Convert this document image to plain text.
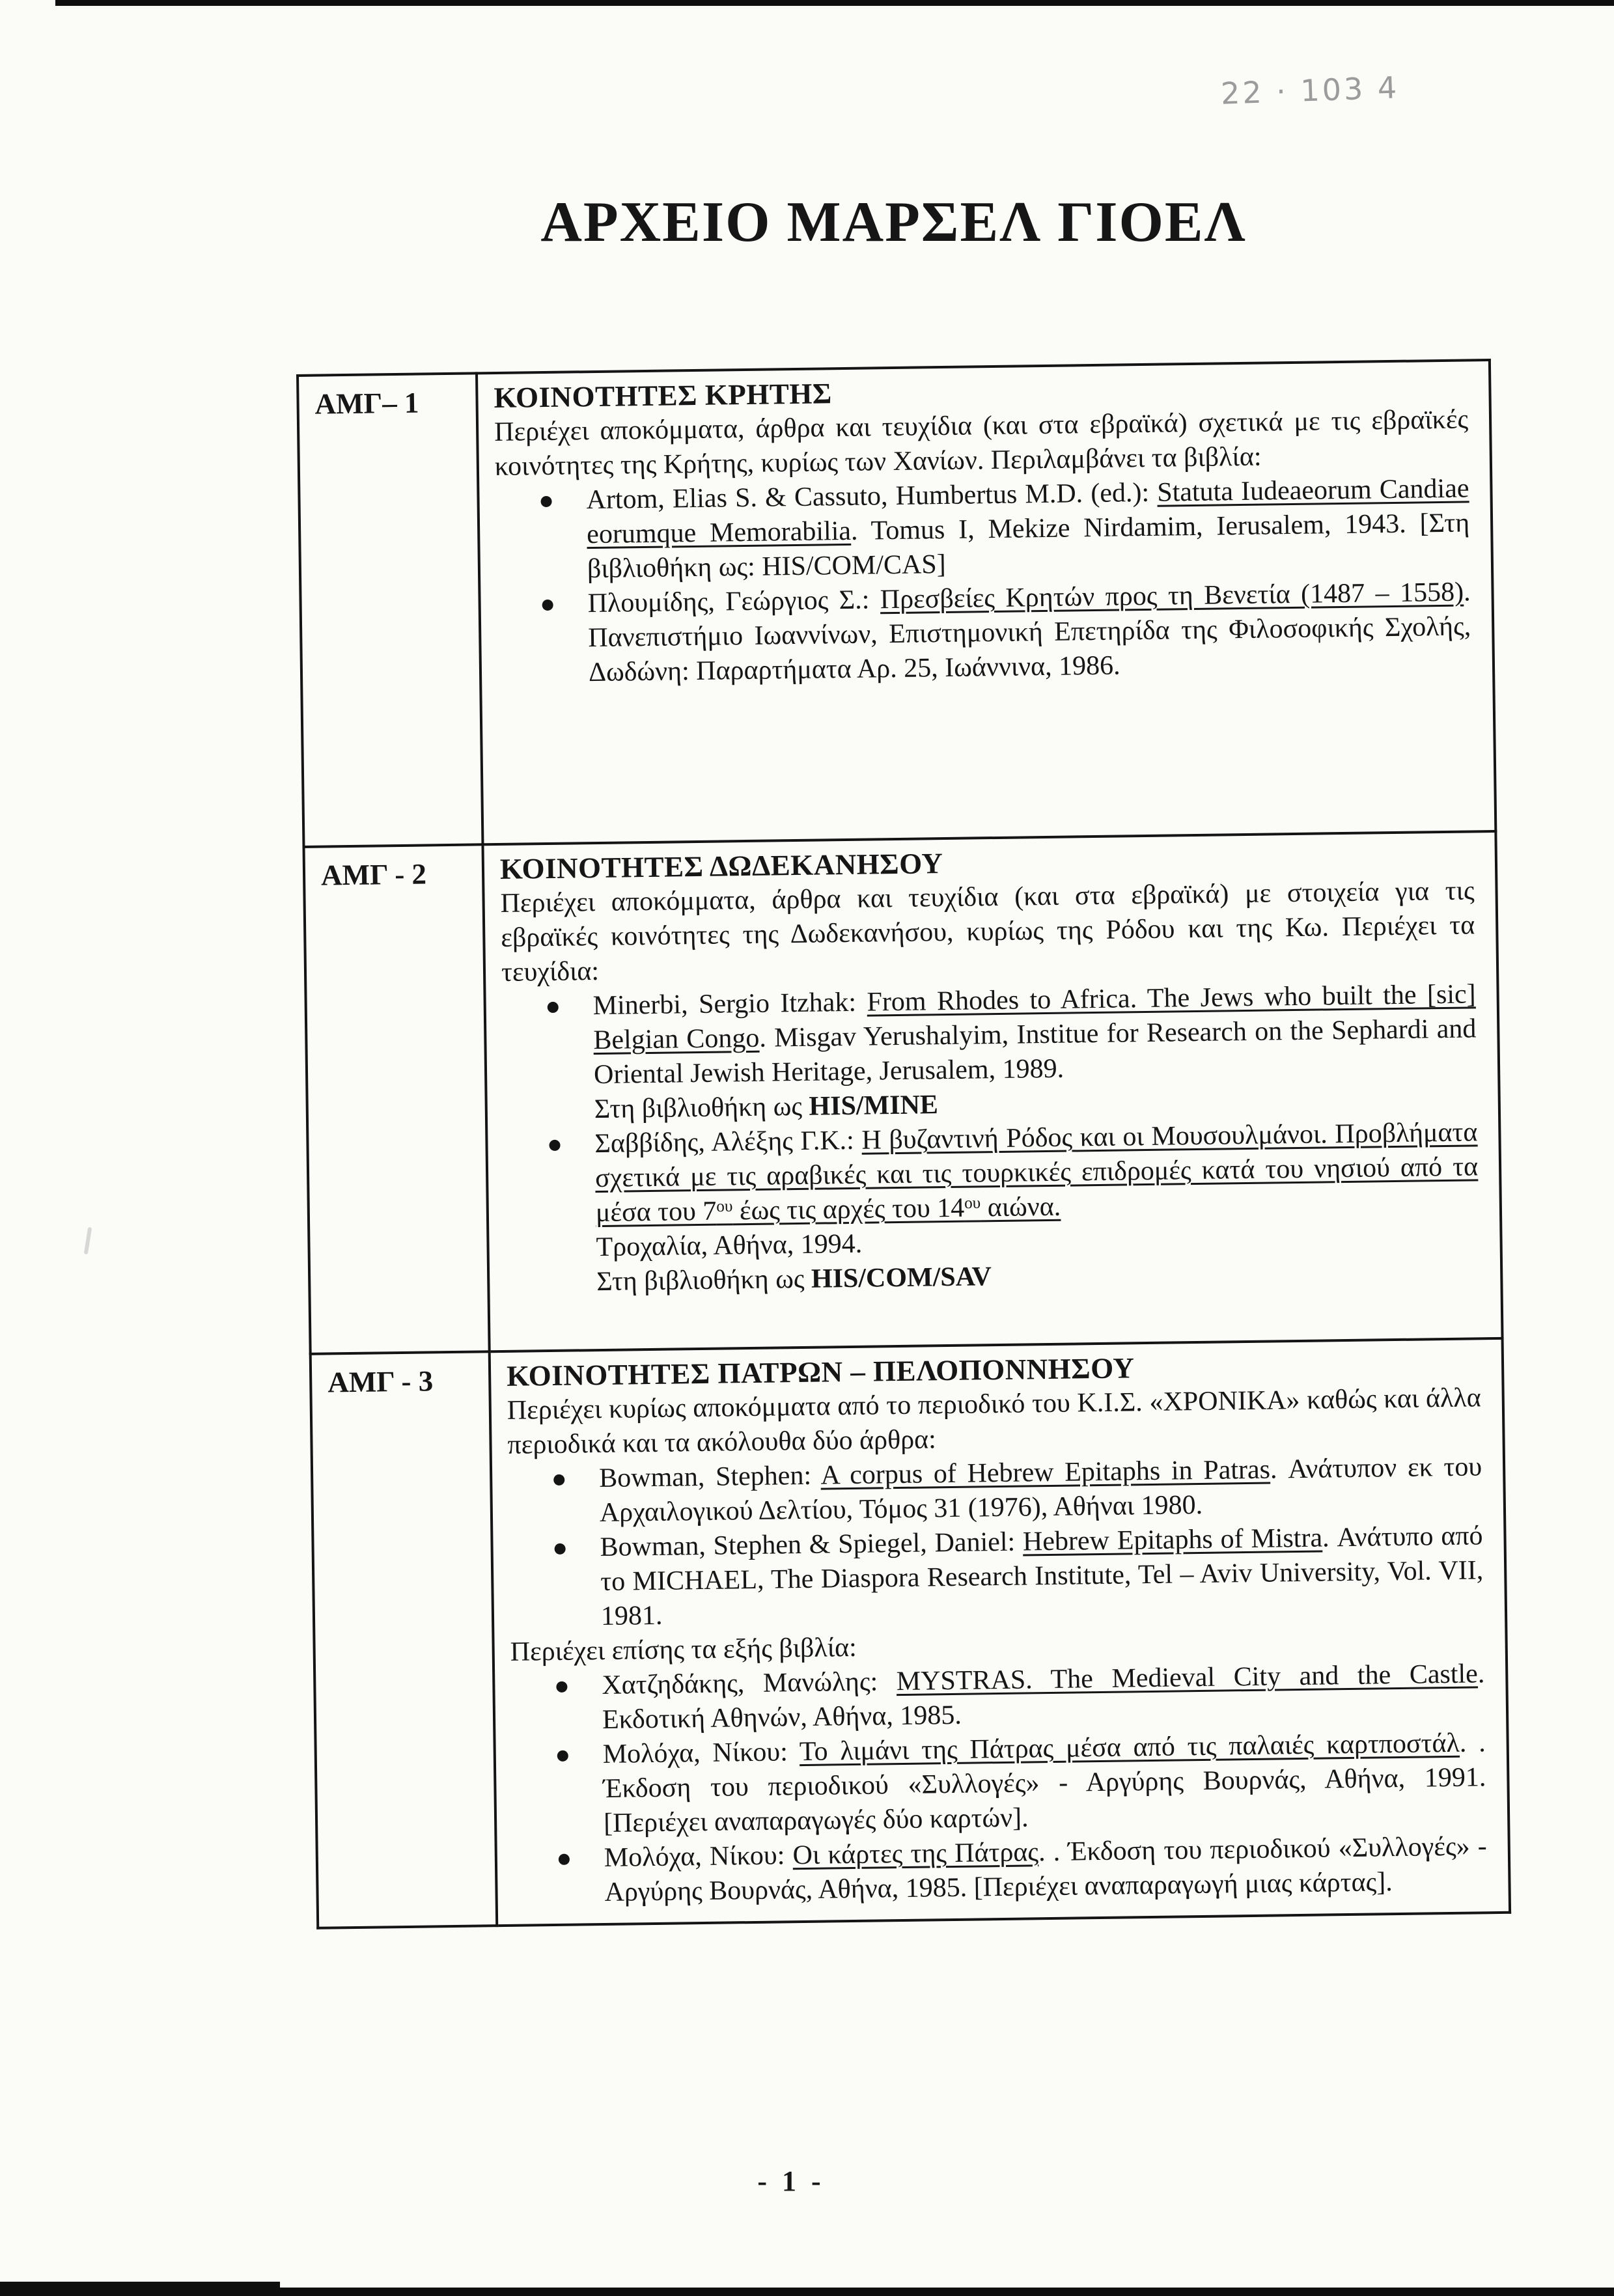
22 · 103 4
ΑΡΧΕΙΟ ΜΑΡΣΕΛ ΓΙΟΕΛ
ΑΜΓ– 1	ΚΟΙΝΟΤΗΤΕΣ ΚΡΗΤΗΣ
Περιέχει αποκόμματα, άρθρα και τευχίδια (και στα εβραϊκά) σχετικά με τις εβραϊκές κοινότητες της Κρήτης, κυρίως των Χανίων. Περιλαμβάνει τα βιβλία:
Artom, Elias S. & Cassuto, Humbertus M.D. (ed.): Statuta Iudeaeorum Candiae eorumque Memorabilia. Tomus I, Mekize Nirdamim, Ierusalem, 1943. [Στη βιβλιοθήκη ως: HIS/COM/CAS]
Πλουμίδης, Γεώργιος Σ.: Πρεσβείες Κρητών προς τη Βενετία (1487 – 1558). Πανεπιστήμιο Ιωαννίνων, Επιστημονική Επετηρίδα της Φιλοσοφικής Σχολής, Δωδώνη: Παραρτήματα Αρ. 25, Ιωάννινα, 1986.

ΑΜΓ - 2	ΚΟΙΝΟΤΗΤΕΣ ΔΩΔΕΚΑΝΗΣΟΥ
Περιέχει αποκόμματα, άρθρα και τευχίδια (και στα εβραϊκά) με στοιχεία για τις εβραϊκές κοινότητες της Δωδεκανήσου, κυρίως της Ρόδου και της Κω. Περιέχει τα τευχίδια:
Minerbi, Sergio Itzhak: From Rhodes to Africa. The Jews who built the [sic] Belgian Congo. Misgav Yerushalyim, Institue for Research on the Sephardi and Oriental Jewish Heritage, Jerusalem, 1989.
Στη βιβλιοθήκη ως HIS/MINE
Σαββίδης, Αλέξης Γ.Κ.: Η βυζαντινή Ρόδος και οι Μουσουλμάνοι. Προβλήματα σχετικά με τις αραβικές και τις τουρκικές επιδρομές κατά του νησιού από τα μέσα του $7^{o\upsilon}$ έως τις αρχές του $14^{o\upsilon}$ αιώνα.
Τροχαλία, Αθήνα, 1994.
Στη βιβλιοθήκη ως HIS/COM/SAV

ΑΜΓ - 3	ΚΟΙΝΟΤΗΤΕΣ ΠΑΤΡΩΝ – ΠΕΛΟΠΟΝΝΗΣΟΥ
Περιέχει κυρίως αποκόμματα από το περιοδικό του Κ.Ι.Σ. «ΧΡΟΝΙΚΑ» καθώς και άλλα περιοδικά και τα ακόλουθα δύο άρθρα:
Bowman, Stephen: A corpus of Hebrew Epitaphs in Patras. Ανάτυπον εκ του Αρχαιλογικού Δελτίου, Τόμος 31 (1976), Αθήναι 1980.
Bowman, Stephen & Spiegel, Daniel: Hebrew Epitaphs of Mistra. Ανάτυπο από το MICHAEL, The Diaspora Research Institute, Tel – Aviv University, Vol. VII, 1981.
Περιέχει επίσης τα εξής βιβλία:
Χατζηδάκης, Μανώλης: MYSTRAS. The Medieval City and the Castle. Εκδοτική Αθηνών, Αθήνα, 1985.
Μολόχα, Νίκου: Το λιμάνι της Πάτρας μέσα από τις παλαιές καρτποστάλ. . Έκδοση του περιοδικού «Συλλογές» - Αργύρης Βουρνάς, Αθήνα, 1991. [Περιέχει αναπαραγωγές δύο καρτών].
Μολόχα, Νίκου: Οι κάρτες της Πάτρας. . Έκδοση του περιοδικού «Συλλογές» - Αργύρης Βουρνάς, Αθήνα, 1985. [Περιέχει αναπαραγωγή μιας κάρτας].
- 1 -
